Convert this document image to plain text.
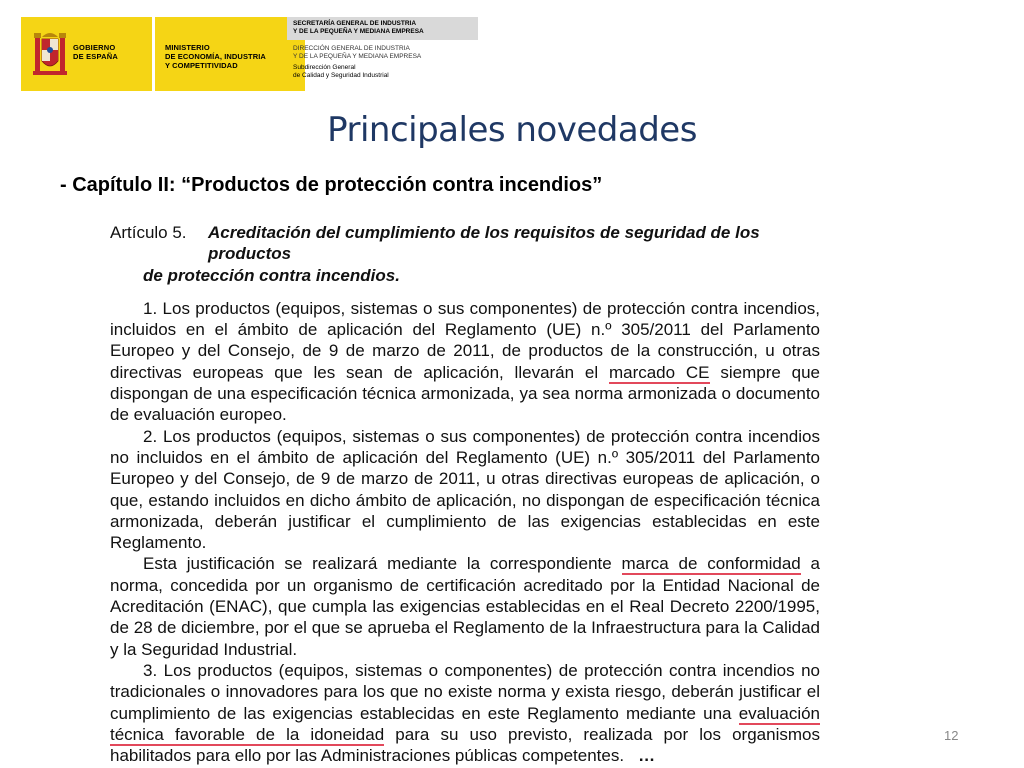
GOBIERNO
DE ESPAÑA
MINISTERIO
DE ECONOMÍA, INDUSTRIA
Y COMPETITIVIDAD
SECRETARÍA GENERAL DE INDUSTRIA
Y DE LA PEQUEÑA Y MEDIANA EMPRESA
DIRECCIÓN GENERAL DE INDUSTRIA
Y DE LA PEQUEÑA Y MEDIANA EMPRESA
Subdirección General
de Calidad y Seguridad Industrial
Principales novedades
- Capítulo II: “Productos de protección contra incendios”
Artículo 5.	Acreditación del cumplimiento de los requisitos de seguridad de los productos

de protección contra incendios.

1. Los productos (equipos, sistemas o sus componentes) de protección contra incendios, incluidos en el ámbito de aplicación del Reglamento (UE) n.º 305/2011 del Parlamento Europeo y del Consejo, de 9 de marzo de 2011, de productos de la construcción, u otras directivas europeas que les sean de aplicación, llevarán el marcado CE siempre que dispongan de una especificación técnica armonizada, ya sea norma armonizada o documento de evaluación europeo.

2. Los productos (equipos, sistemas o sus componentes) de protección contra incendios no incluidos en el ámbito de aplicación del Reglamento (UE) n.º 305/2011 del Parlamento Europeo y del Consejo, de 9 de marzo de 2011, u otras directivas europeas de aplicación, o que, estando incluidos en dicho ámbito de aplicación, no dispongan de especificación técnica armonizada, deberán justificar el cumplimiento de las exigencias establecidas en este Reglamento.

Esta justificación se realizará mediante la correspondiente marca de conformidad a norma, concedida por un organismo de certificación acreditado por la Entidad Nacional de Acreditación (ENAC), que cumpla las exigencias establecidas en el Real Decreto 2200/1995, de 28 de diciembre, por el que se aprueba el Reglamento de la Infraestructura para la Calidad y la Seguridad Industrial.

3. Los productos (equipos, sistemas o componentes) de protección contra incendios no tradicionales o innovadores para los que no existe norma y exista riesgo, deberán justificar el cumplimiento de las exigencias establecidas en este Reglamento mediante una evaluación técnica favorable de la idoneidad para su uso previsto, realizada por los organismos habilitados para ello por las Administraciones públicas competentes. …

12
